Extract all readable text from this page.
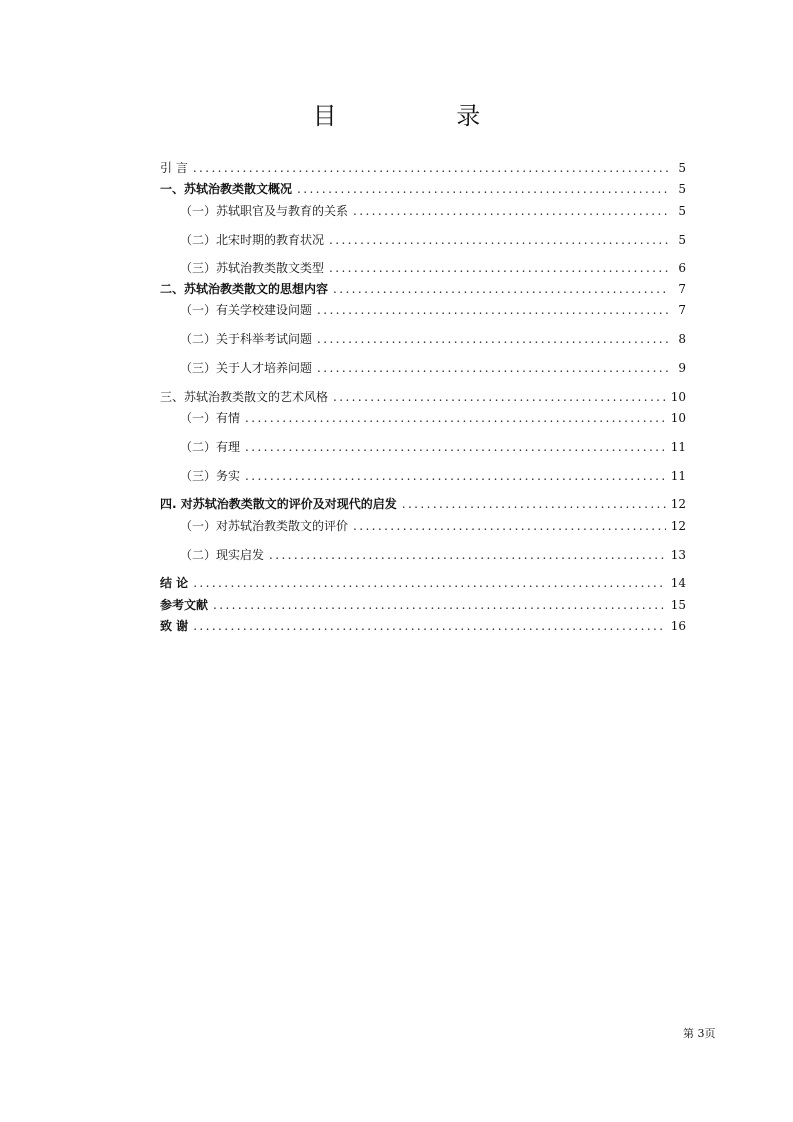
目 录
引 言 .....	5
一、苏轼治教类散文概况 .....	5
（一）苏轼职官及与教育的关系 .....	5
（二）北宋时期的教育状况 .....	5
（三）苏轼治教类散文类型 .....	6
二、苏轼治教类散文的思想内容 .....	7
（一）有关学校建设问题 .....	7
（二）关于科举考试问题 .....	8
（三）关于人才培养问题 .....	9
三、苏轼治教类散文的艺术风格 .....	10
（一）有情 .....	10
（二）有理 .....	11
（三）务实 .....	11
四. 对苏轼治教类散文的评价及对现代的启发 .....	12
（一）对苏轼治教类散文的评价 .....	12
（二）现实启发 .....	13
结 论 .....	14
参考文献 .....	15
致 谢 .....	16
第 3页
